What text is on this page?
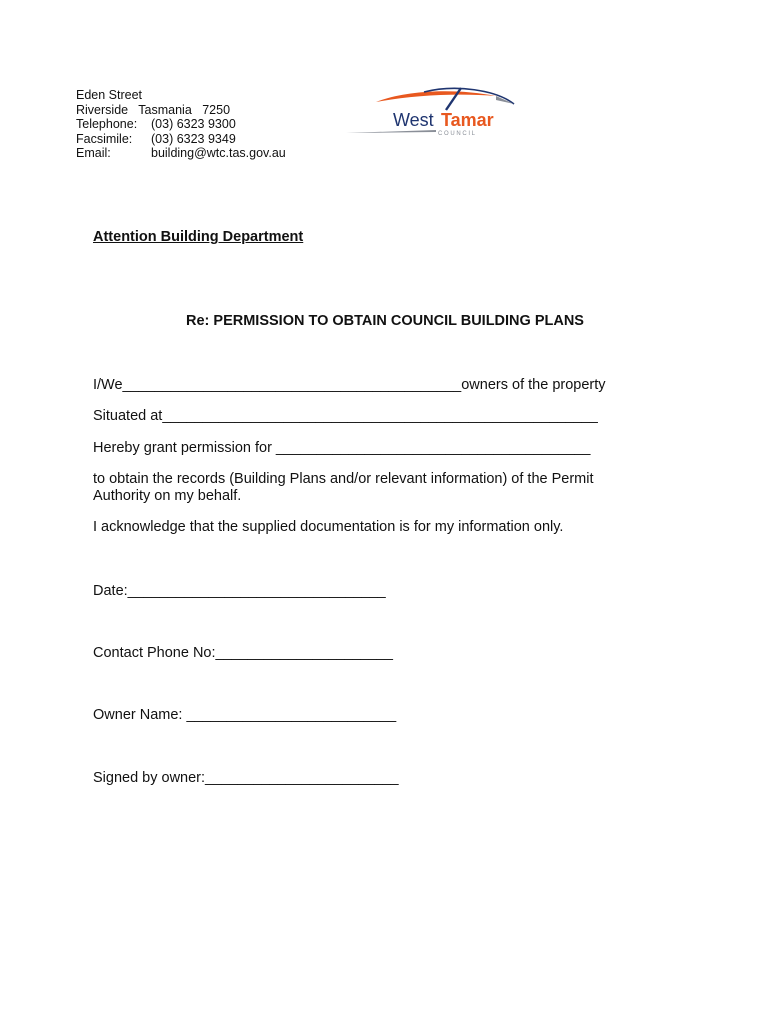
Eden Street
Riverside   Tasmania   7250
Telephone:	(03) 6323 9300
Facsimile:	(03) 6323 9349
Email:	building@wtc.tas.gov.au
West Tamar
C O U N C I L
Attention Building Department
Re: PERMISSION TO OBTAIN COUNCIL BUILDING PLANS
I/We__________________________________________owners of the property
Situated at______________________________________________________
Hereby grant permission for _______________________________________
to obtain the records (Building Plans and/or relevant information) of the Permit Authority on my behalf.
I acknowledge that the supplied documentation is for my information only.
Date:________________________________
Contact Phone No:______________________
Owner Name: __________________________
Signed by owner:________________________
